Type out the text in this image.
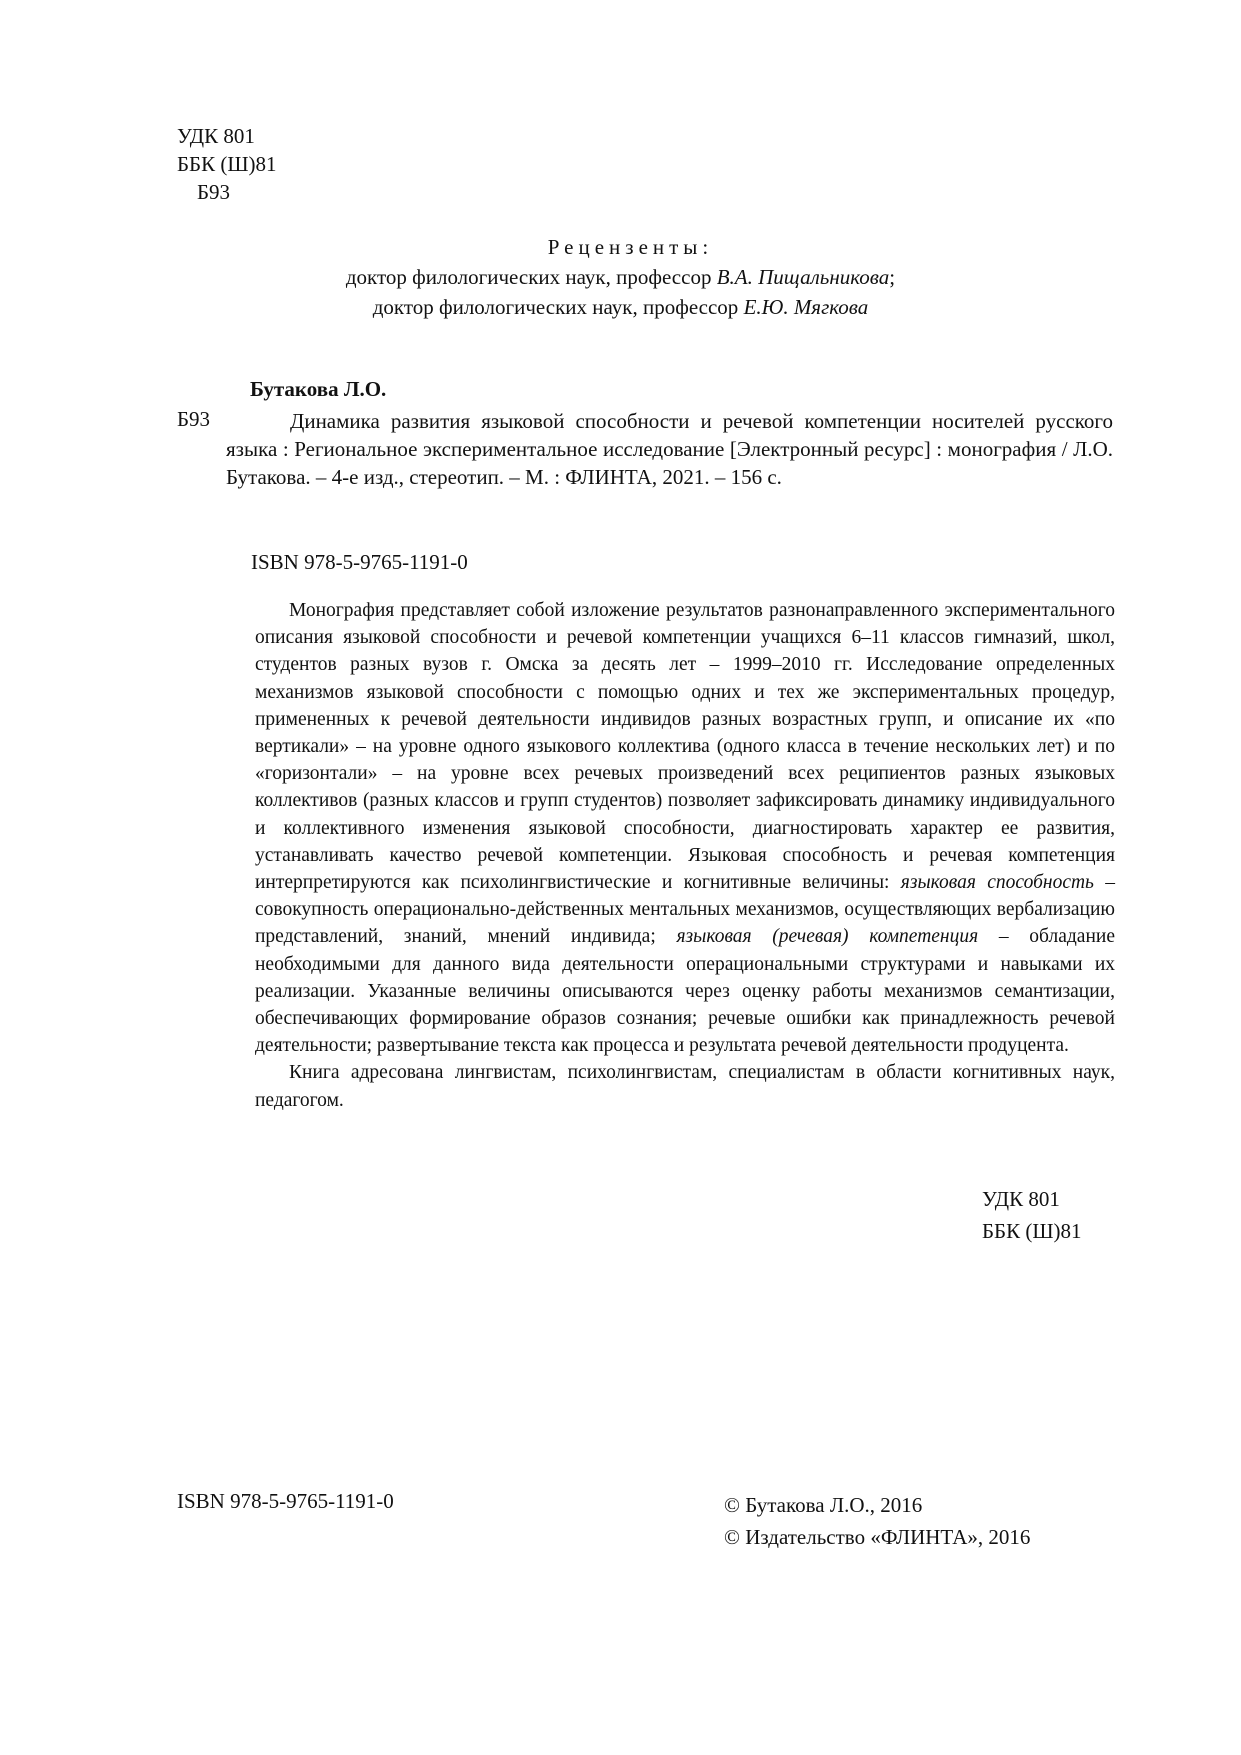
УДК 801
ББК (Ш)81
Б93
Рецензенты:
доктор филологических наук, профессор В.А. Пищальникова;
доктор филологических наук, профессор Е.Ю. Мягкова
Бутакова Л.О.
Б93	Динамика развития языковой способности и речевой компетенции носителей русского языка : Региональное экспериментальное исследование [Электронный ресурс] : монография / Л.О. Бутакова. – 4-е изд., стереотип. – М. : ФЛИНТА, 2021. – 156 с.
ISBN 978-5-9765-1191-0

Монография представляет собой изложение результатов разнонаправленного экспериментального описания языковой способности и речевой компетенции учащихся 6–11 классов гимназий, школ, студентов разных вузов г. Омска за десять лет – 1999–2010 гг. Исследование определенных механизмов языковой способности с помощью одних и тех же экспериментальных процедур, примененных к речевой деятельности индивидов разных возрастных групп, и описание их «по вертикали» – на уровне одного языкового коллектива (одного класса в течение нескольких лет) и по «горизонтали» – на уровне всех речевых произведений всех реципиентов разных языковых коллективов (разных классов и групп студентов) позволяет зафиксировать динамику индивидуального и коллективного изменения языковой способности, диагностировать характер ее развития, устанавливать качество речевой компетенции. Языковая способность и речевая компетенция интерпретируются как психолингвистические и когнитивные величины: языковая способность – совокупность операционально-действенных ментальных механизмов, осуществляющих вербализацию представлений, знаний, мнений индивида; языковая (речевая) компетенция – обладание необходимыми для данного вида деятельности операциональными структурами и навыками их реализации. Указанные величины описываются через оценку работы механизмов семантизации, обеспечивающих формирование образов сознания; речевые ошибки как принадлежность речевой деятельности; развертывание текста как процесса и результата речевой деятельности продуцента.

Книга адресована лингвистам, психолингвистам, специалистам в области когнитивных наук, педагогом.

УДК 801
ББК (Ш)81
ISBN 978-5-9765-1191-0	© Бутакова Л.О., 2016
© Издательство «ФЛИНТА», 2016
